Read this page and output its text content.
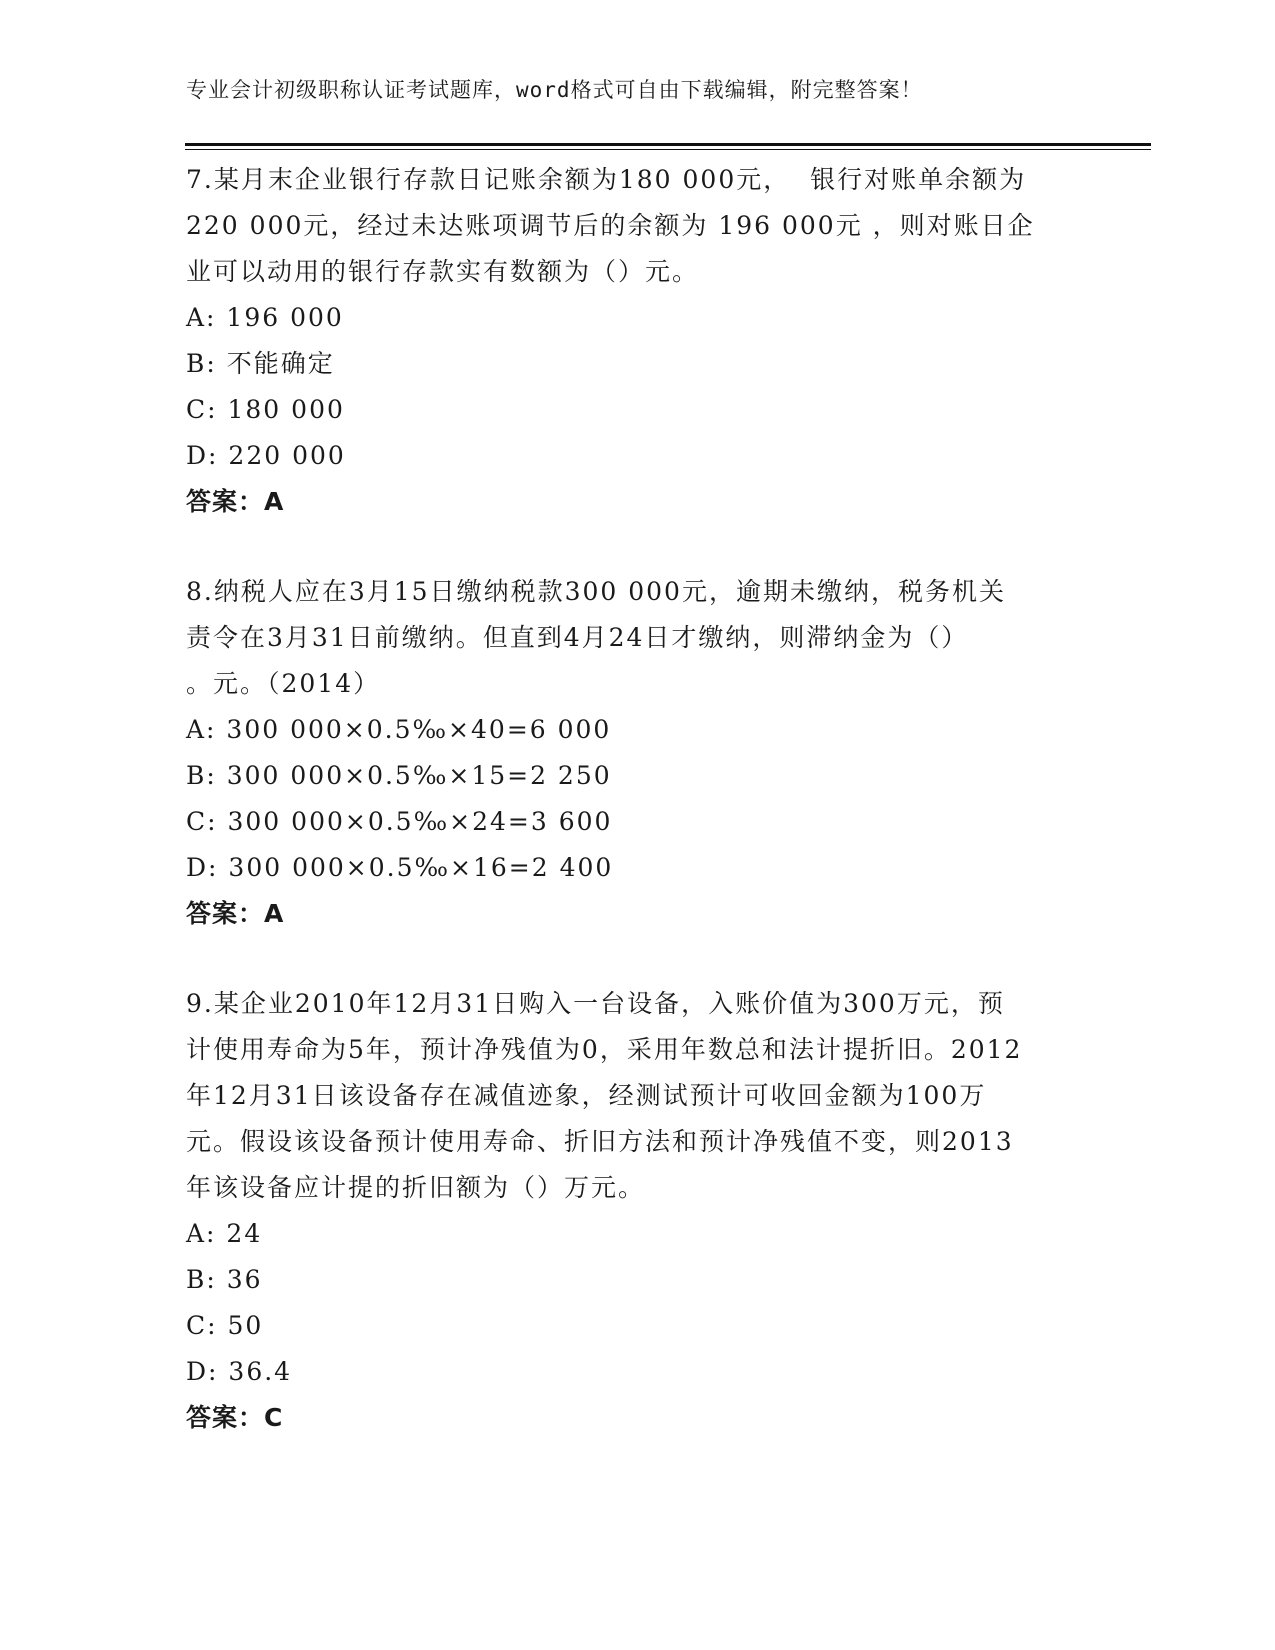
专业会计初级职称认证考试题库，word格式可自由下载编辑，附完整答案！
7.某月末企业银行存款日记账余额为180 000元，  银行对账单余额为
220 000元，经过未达账项调节后的余额为 196 000元 ，则对账日企
业可以动用的银行存款实有数额为（）元。
A: 196 000
B: 不能确定
C: 180 000
D: 220 000
答案：A
8.纳税人应在3月15日缴纳税款300 000元，逾期未缴纳，税务机关
责令在3月31日前缴纳。但直到4月24日才缴纳，则滞纳金为（）
。元。（2014）
A: 300 000×0.5‰×40=6 000
B: 300 000×0.5‰×15=2 250
C: 300 000×0.5‰×24=3 600
D: 300 000×0.5‰×16=2 400
答案：A
9.某企业2010年12月31日购入一台设备，入账价值为300万元，预
计使用寿命为5年，预计净残值为0，采用年数总和法计提折旧。2012
年12月31日该设备存在减值迹象，经测试预计可收回金额为100万
元。假设该设备预计使用寿命、折旧方法和预计净残值不变，则2013
年该设备应计提的折旧额为（）万元。
A: 24
B: 36
C: 50
D: 36.4
答案：C
